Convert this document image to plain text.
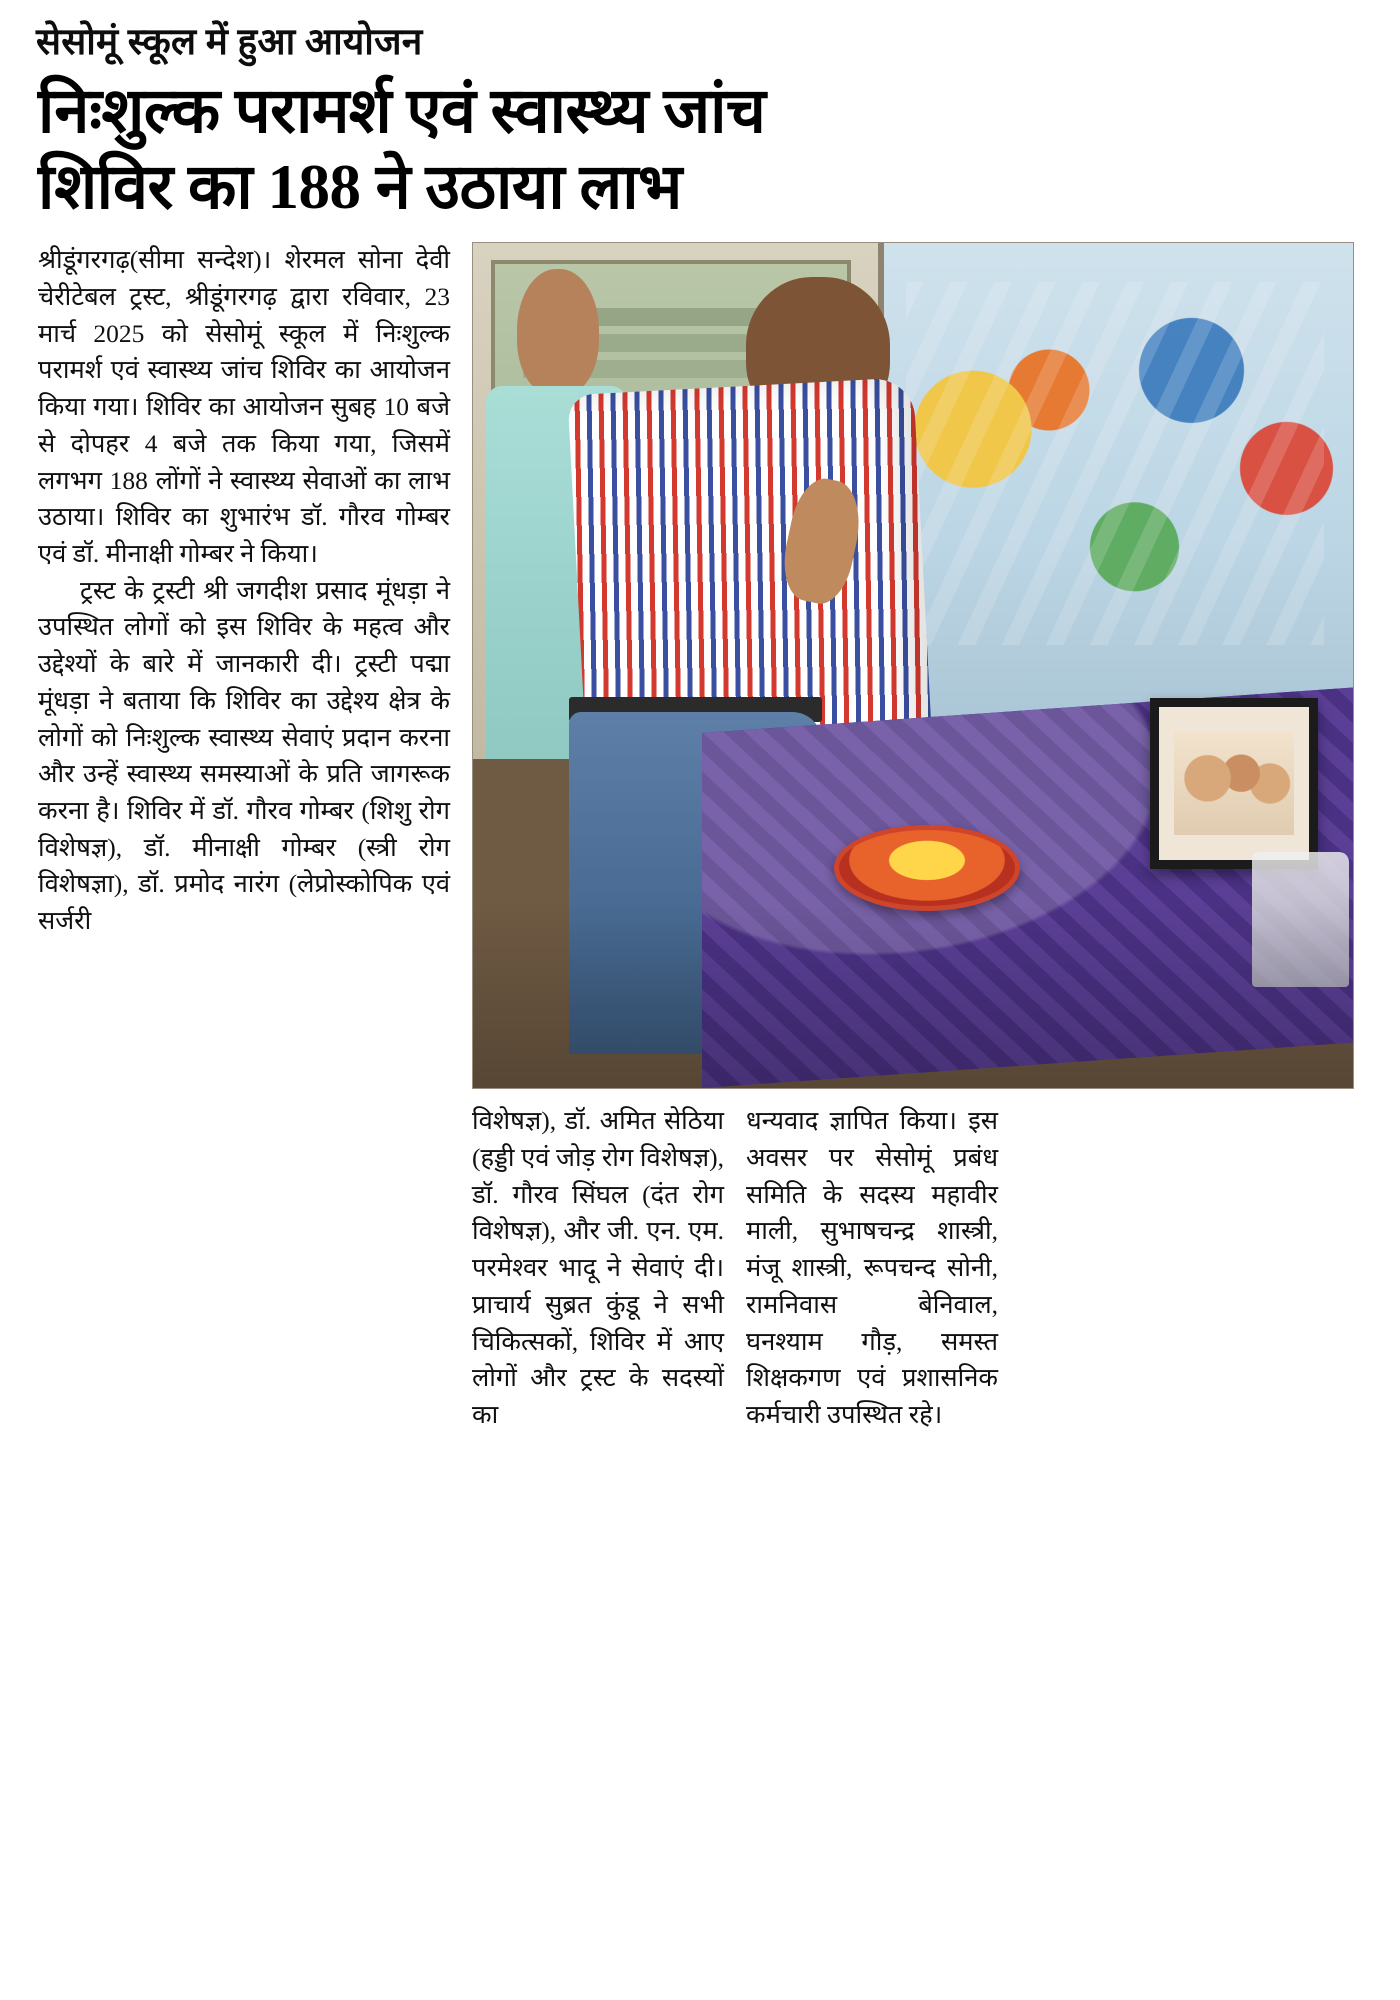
सेसोमूं स्कूल में हुआ आयोजन
निःशुल्क परामर्श एवं स्वास्थ्य जांच
शिविर का 188 ने उठाया लाभ

श्रीडूंगरगढ़(सीमा सन्देश)। शेरमल सोना देवी चेरीटेबल ट्रस्ट, श्रीडूंगरगढ़ द्वारा रविवार, 23 मार्च 2025 को सेसोमूं स्कूल में निःशुल्क परामर्श एवं स्वास्थ्य जांच शिविर का आयोजन किया गया। शिविर का आयोजन सुबह 10 बजे से दोपहर 4 बजे तक किया गया, जिसमें लगभग 188 लोंगों ने स्वास्थ्य सेवाओं का लाभ उठाया। शिविर का शुभारंभ डॉ. गौरव गोम्बर एवं डॉ. मीनाक्षी गोम्बर ने किया।

ट्रस्ट के ट्रस्टी श्री जगदीश प्रसाद मूंधड़ा ने उपस्थित लोगों को इस शिविर के महत्व और उद्देश्यों के बारे में जानकारी दी। ट्रस्टी पद्मा मूंधड़ा ने बताया कि शिविर का उद्देश्य क्षेत्र के लोगों को निःशुल्क स्वास्थ्य सेवाएं प्रदान करना और उन्हें स्वास्थ्य समस्याओं के प्रति जागरूक करना है। शिविर में डॉ. गौरव गोम्बर (शिशु रोग विशेषज्ञ), डॉ. मीनाक्षी गोम्बर (स्त्री रोग विशेषज्ञा), डॉ. प्रमोद नारंग (लेप्रोस्कोपिक एवं सर्जरी

विशेषज्ञ), डॉ. अमित सेठिया (हड्डी एवं जोड़ रोग विशेषज्ञ), डॉ. गौरव सिंघल (दंत रोग विशेषज्ञ), और जी. एन. एम. परमेश्वर भादू ने सेवाएं दी। प्राचार्य सुब्रत कुंडू ने सभी चिकित्सकों, शिविर में आए लोगों और ट्रस्ट के सदस्यों का

धन्यवाद ज्ञापित किया। इस अवसर पर सेसोमूं प्रबंध समिति के सदस्य महावीर माली, सुभाषचन्द्र शास्त्री, मंजू शास्त्री, रूपचन्द सोनी, रामनिवास बेनिवाल, घनश्याम गौड़, समस्त शिक्षकगण एवं प्रशासनिक कर्मचारी उपस्थित रहे।
